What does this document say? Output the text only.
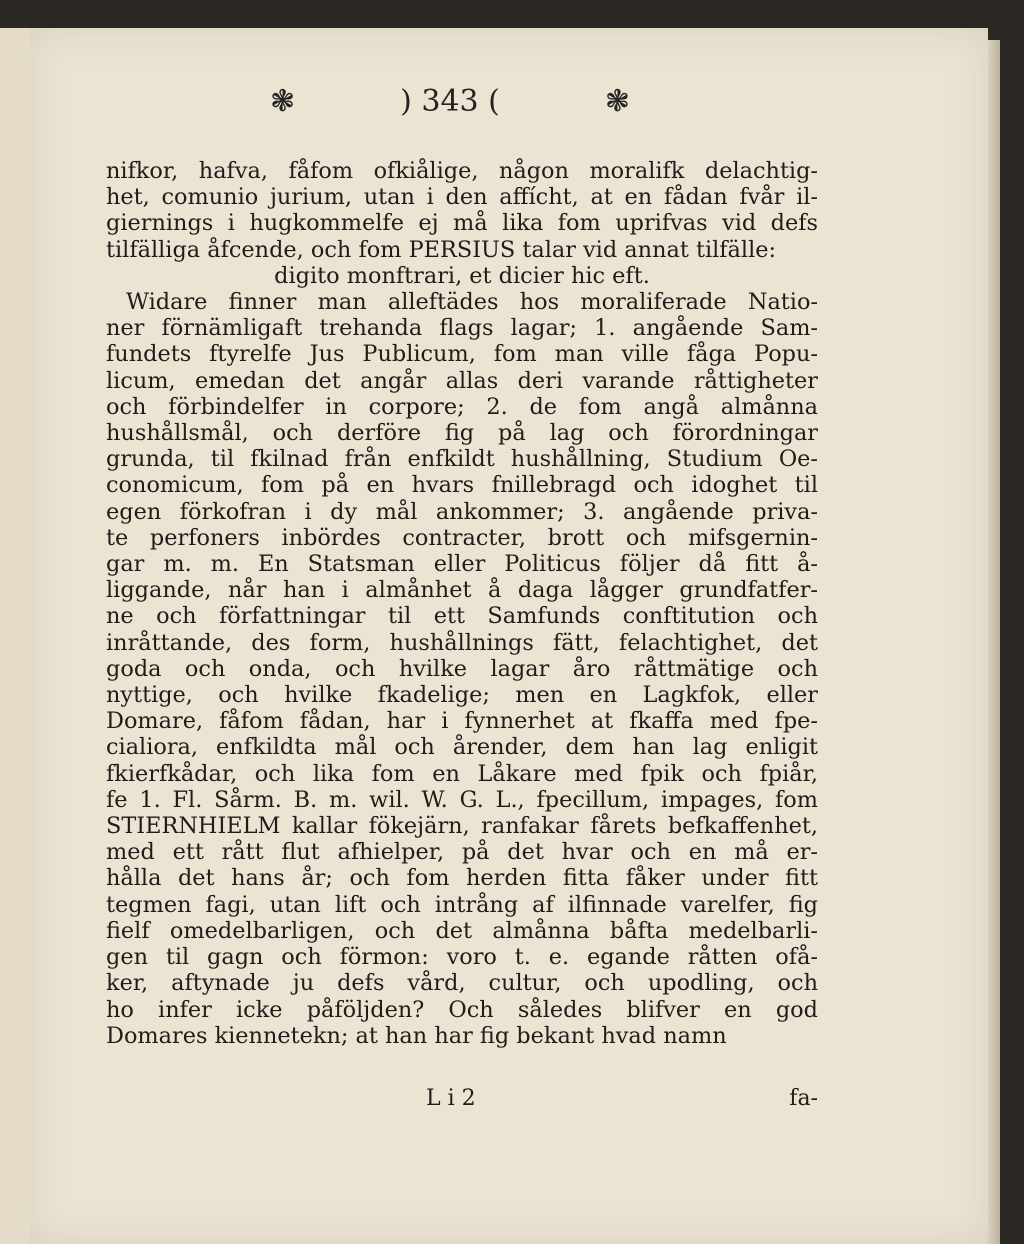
❃	) 343 (	❃
nifkor, hafva, fåfom ofkiålige, någon moralifk delachtig-
het, comunio jurium, utan i den affícht, at en fådan fvår il-
giernings i hugkommelfe ej må lika fom uprifvas vid defs
tilfälliga åfcende, och fom PERSIUS talar vid annat tilfälle:
digito monftrari, et dicier hic eft.
Widare finner man alleftädes hos moraliferade Natio-
ner förnämligaft trehanda flags lagar; 1. angående Sam-
fundets ftyrelfe Jus Publicum, fom man ville fåga Popu-
licum, emedan det angår allas deri varande råttigheter
och förbindelfer in corpore; 2. de fom angå almånna
hushållsmål, och derföre fig på lag och förordningar
grunda, til fkilnad från enfkildt hushållning, Studium Oe-
conomicum, fom på en hvars fnillebragd och idoghet til
egen förkofran i dy mål ankommer; 3. angående priva-
te perfoners inbördes contracter, brott och mifsgernin-
gar m. m. En Statsman eller Politicus följer då fitt å-
liggande, når han i almånhet å daga lågger grundfatfer-
ne och författningar til ett Samfunds conftitution och
inråttande, des form, hushållnings fätt, felachtighet, det
goda och onda, och hvilke lagar åro råttmätige och
nyttige, och hvilke fkadelige; men en Lagkfok, eller
Domare, fåfom fådan, har i fynnerhet at fkaffa med fpe-
cialiora, enfkildta mål och årender, dem han lag enligit
fkierfkådar, och lika fom en Låkare med fpik och fpiår,
fe 1. Fl. Sårm. B. m. wil. W. G. L., fpecillum, impages, fom
STIERNHIELM kallar fökejärn, ranfakar fårets befkaffenhet,
med ett rått flut afhielper, på det hvar och en må er-
hålla det hans år; och fom herden fitta fåker under fitt
tegmen fagi, utan lift och intrång af ilfinnade varelfer, fig
fielf omedelbarligen, och det almånna båfta medelbarli-
gen til gagn och förmon: voro t. e. egande råtten ofå-
ker, aftynade ju defs vård, cultur, och upodling, och
ho infer icke påföljden? Och således blifver en god
Domares kiennetekn; at han har fig bekant hvad namn
L i 2	fa-
